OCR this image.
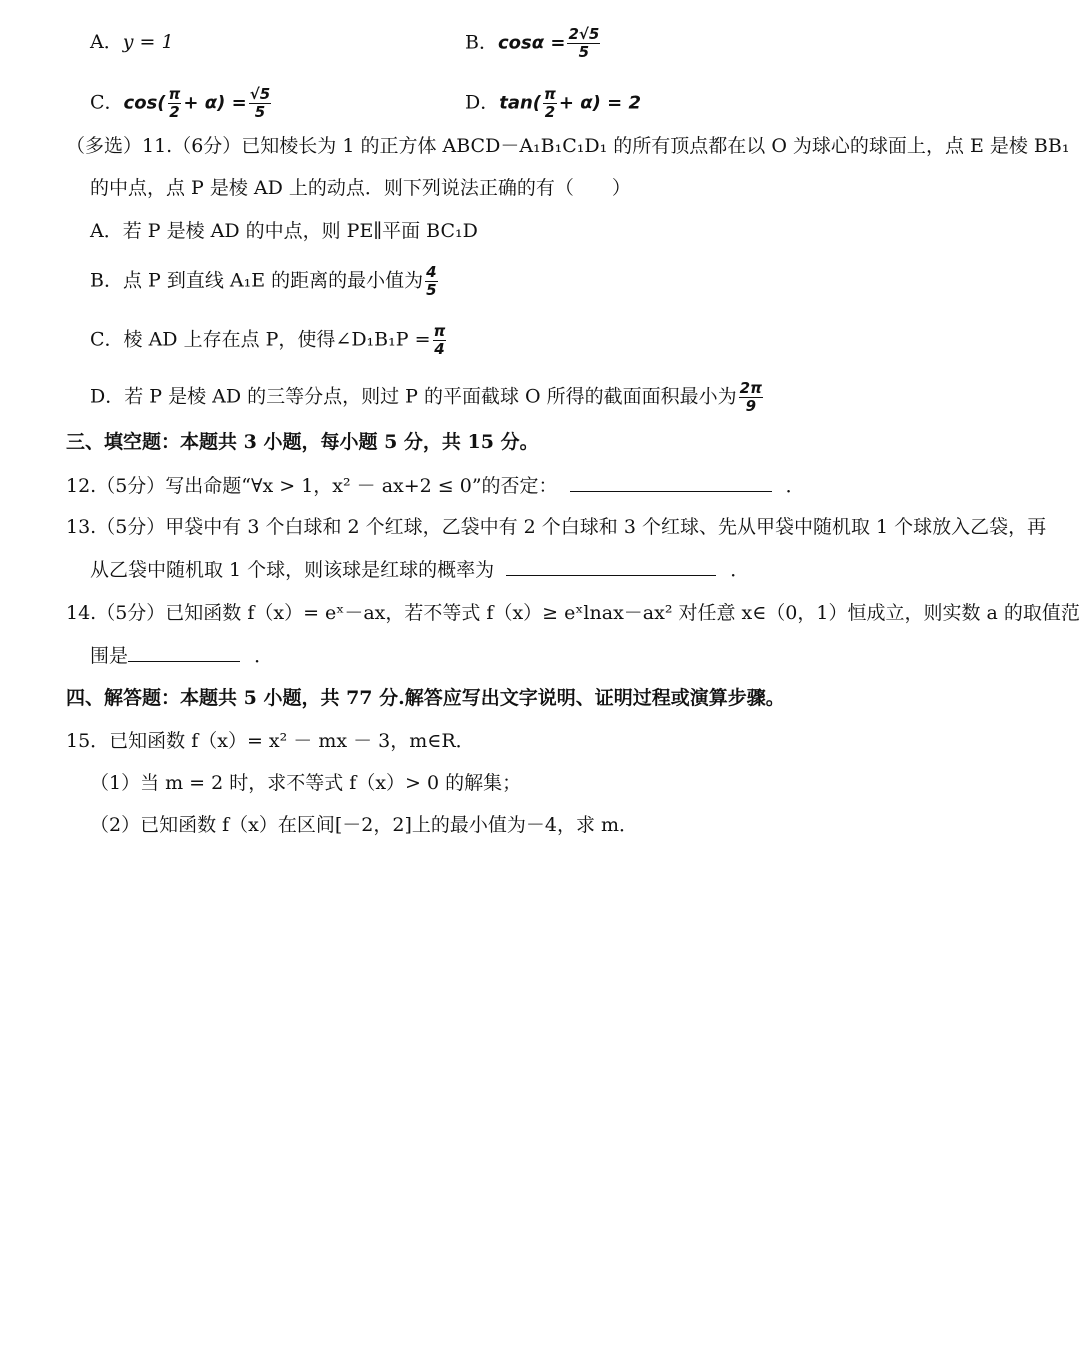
A．y = 1	B．$\cos\alpha = \frac{2√5}{5}$
C．$\cos( \frac{\pi}{2} + \alpha) = \frac{√5}{5}$	D．$\tan( \frac{\pi}{2} + \alpha) = 2$
（多选）11.（6分）已知棱长为 1 的正方体 ABCD－A₁B₁C₁D₁ 的所有顶点都在以 O 为球心的球面上，点 E 是棱 BB₁
的中点，点 P 是棱 AD 上的动点．则下列说法正确的有（　　）
A．若 P 是棱 AD 的中点，则 PE∥平面 BC₁D
B．点 P 到直线 A₁E 的距离的最小值为 $\frac{4}{5}$
C．棱 AD 上存在点 P，使得∠D₁B₁P = $\frac{\pi}{4}$
D．若 P 是棱 AD 的三等分点，则过 P 的平面截球 O 所得的截面面积最小为 $\frac{2\pi}{9}$
三、填空题：本题共 3 小题，每小题 5 分，共 15 分。
12.（5分）写出命题“∀x > 1，x² － ax+2 ≤ 0”的否定：	．
13.（5分）甲袋中有 3 个白球和 2 个红球，乙袋中有 2 个白球和 3 个红球、先从甲袋中随机取 1 个球放入乙袋，再
从乙袋中随机取 1 个球，则该球是红球的概率为	．
14.（5分）已知函数 f（x）= eˣ－ax，若不等式 f（x）≥ eˣlnax－ax² 对任意 x∈（0，1）恒成立，则实数 a 的取值范
围是	．
四、解答题：本题共 5 小题，共 77 分.解答应写出文字说明、证明过程或演算步骤。
15．已知函数 f（x）= x² － mx － 3，m∈R．
（1）当 m = 2 时，求不等式 f（x）> 0 的解集；
（2）已知函数 f（x）在区间[－2，2]上的最小值为－4，求 m．
